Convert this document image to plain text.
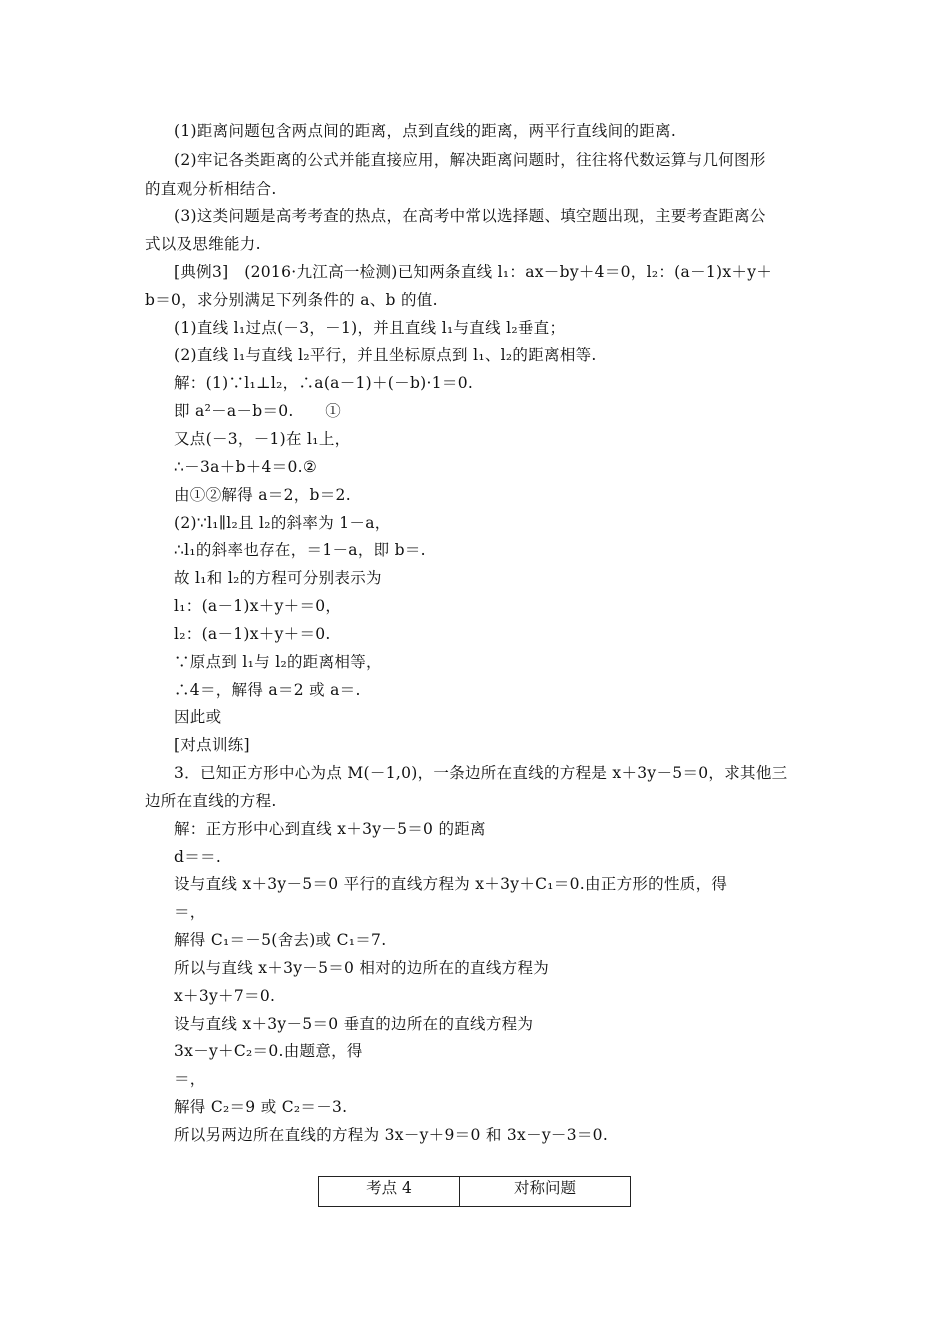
(1)距离问题包含两点间的距离，点到直线的距离，两平行直线间的距离.
(2)牢记各类距离的公式并能直接应用，解决距离问题时，往往将代数运算与几何图形
的直观分析相结合.
(3)这类问题是高考考查的热点，在高考中常以选择题、填空题出现，主要考查距离公
式以及思维能力.
[典例3]　(2016·九江高一检测)已知两条直线 l₁：ax－by＋4＝0，l₂：(a－1)x＋y＋
b＝0，求分别满足下列条件的 a、b 的值.
(1)直线 l₁过点(－3，－1)，并且直线 l₁与直线 l₂垂直；
(2)直线 l₁与直线 l₂平行，并且坐标原点到 l₁、l₂的距离相等.
解：(1)∵l₁⊥l₂，∴a(a－1)＋(－b)·1＝0.
即 a²－a－b＝0.　　①
又点(－3，－1)在 l₁上，
∴－3a＋b＋4＝0.②
由①②解得 a＝2，b＝2.
(2)∵l₁∥l₂且 l₂的斜率为 1－a，
∴l₁的斜率也存在，＝1－a，即 b＝.
故 l₁和 l₂的方程可分别表示为
l₁：(a－1)x＋y＋＝0，
l₂：(a－1)x＋y＋＝0.
∵原点到 l₁与 l₂的距离相等，
∴4＝，解得 a＝2 或 a＝.
因此或
[对点训练]
3．已知正方形中心为点 M(－1,0)，一条边所在直线的方程是 x＋3y－5＝0，求其他三
边所在直线的方程.
解：正方形中心到直线 x＋3y－5＝0 的距离
d＝＝.
设与直线 x＋3y－5＝0 平行的直线方程为 x＋3y＋C₁＝0.由正方形的性质，得
＝，
解得 C₁＝－5(舍去)或 C₁＝7.
所以与直线 x＋3y－5＝0 相对的边所在的直线方程为
x＋3y＋7＝0.
设与直线 x＋3y－5＝0 垂直的边所在的直线方程为
3x－y＋C₂＝0.由题意，得
＝，
解得 C₂＝9 或 C₂＝－3.
所以另两边所在直线的方程为 3x－y＋9＝0 和 3x－y－3＝0.
考点 4	对称问题
